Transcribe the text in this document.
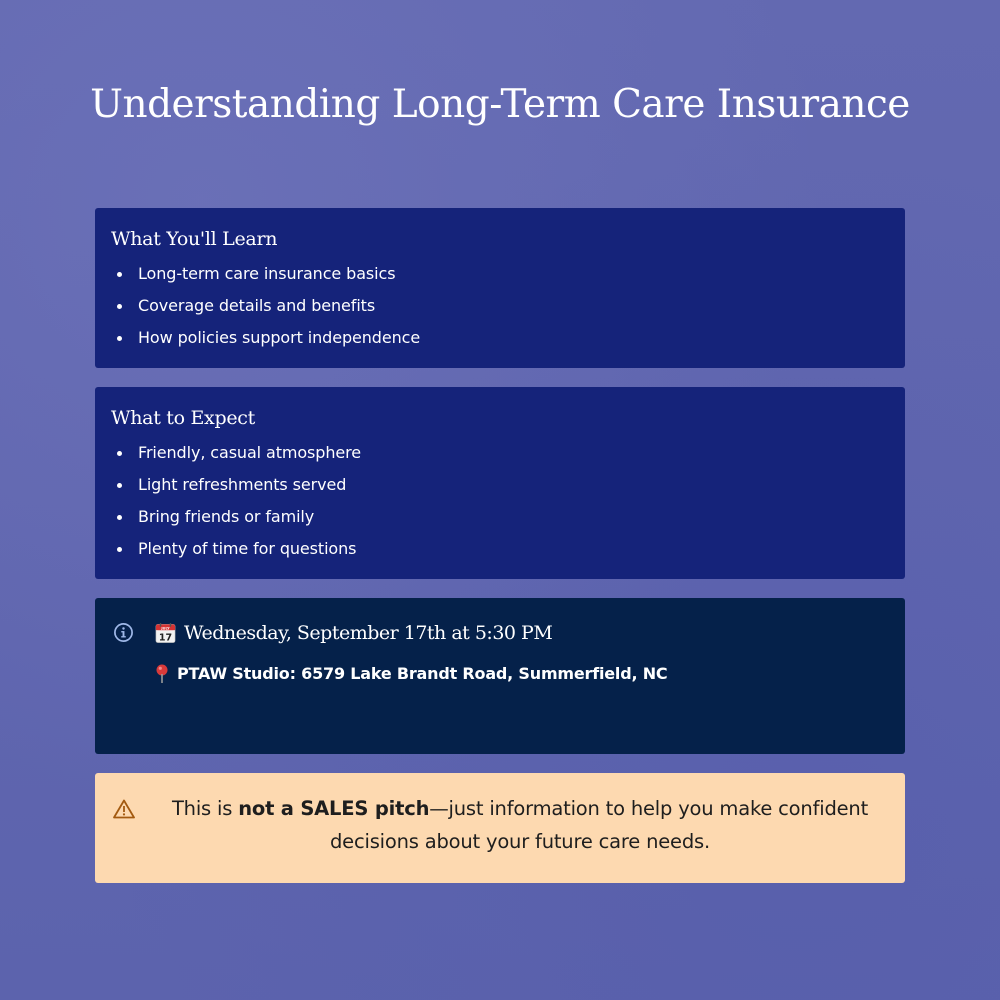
Understanding Long-Term Care Insurance
What You'll Learn
Long-term care insurance basics
Coverage details and benefits
How policies support independence
What to Expect
Friendly, casual atmosphere
Light refreshments served
Bring friends or family
Plenty of time for questions
JULY
17 Wednesday, September 17th at 5:30 PM
PTAW Studio: 6579 Lake Brandt Road, Summerfield, NC

This is not a SALES pitch—just information to help you make confident decisions about your future care needs.
